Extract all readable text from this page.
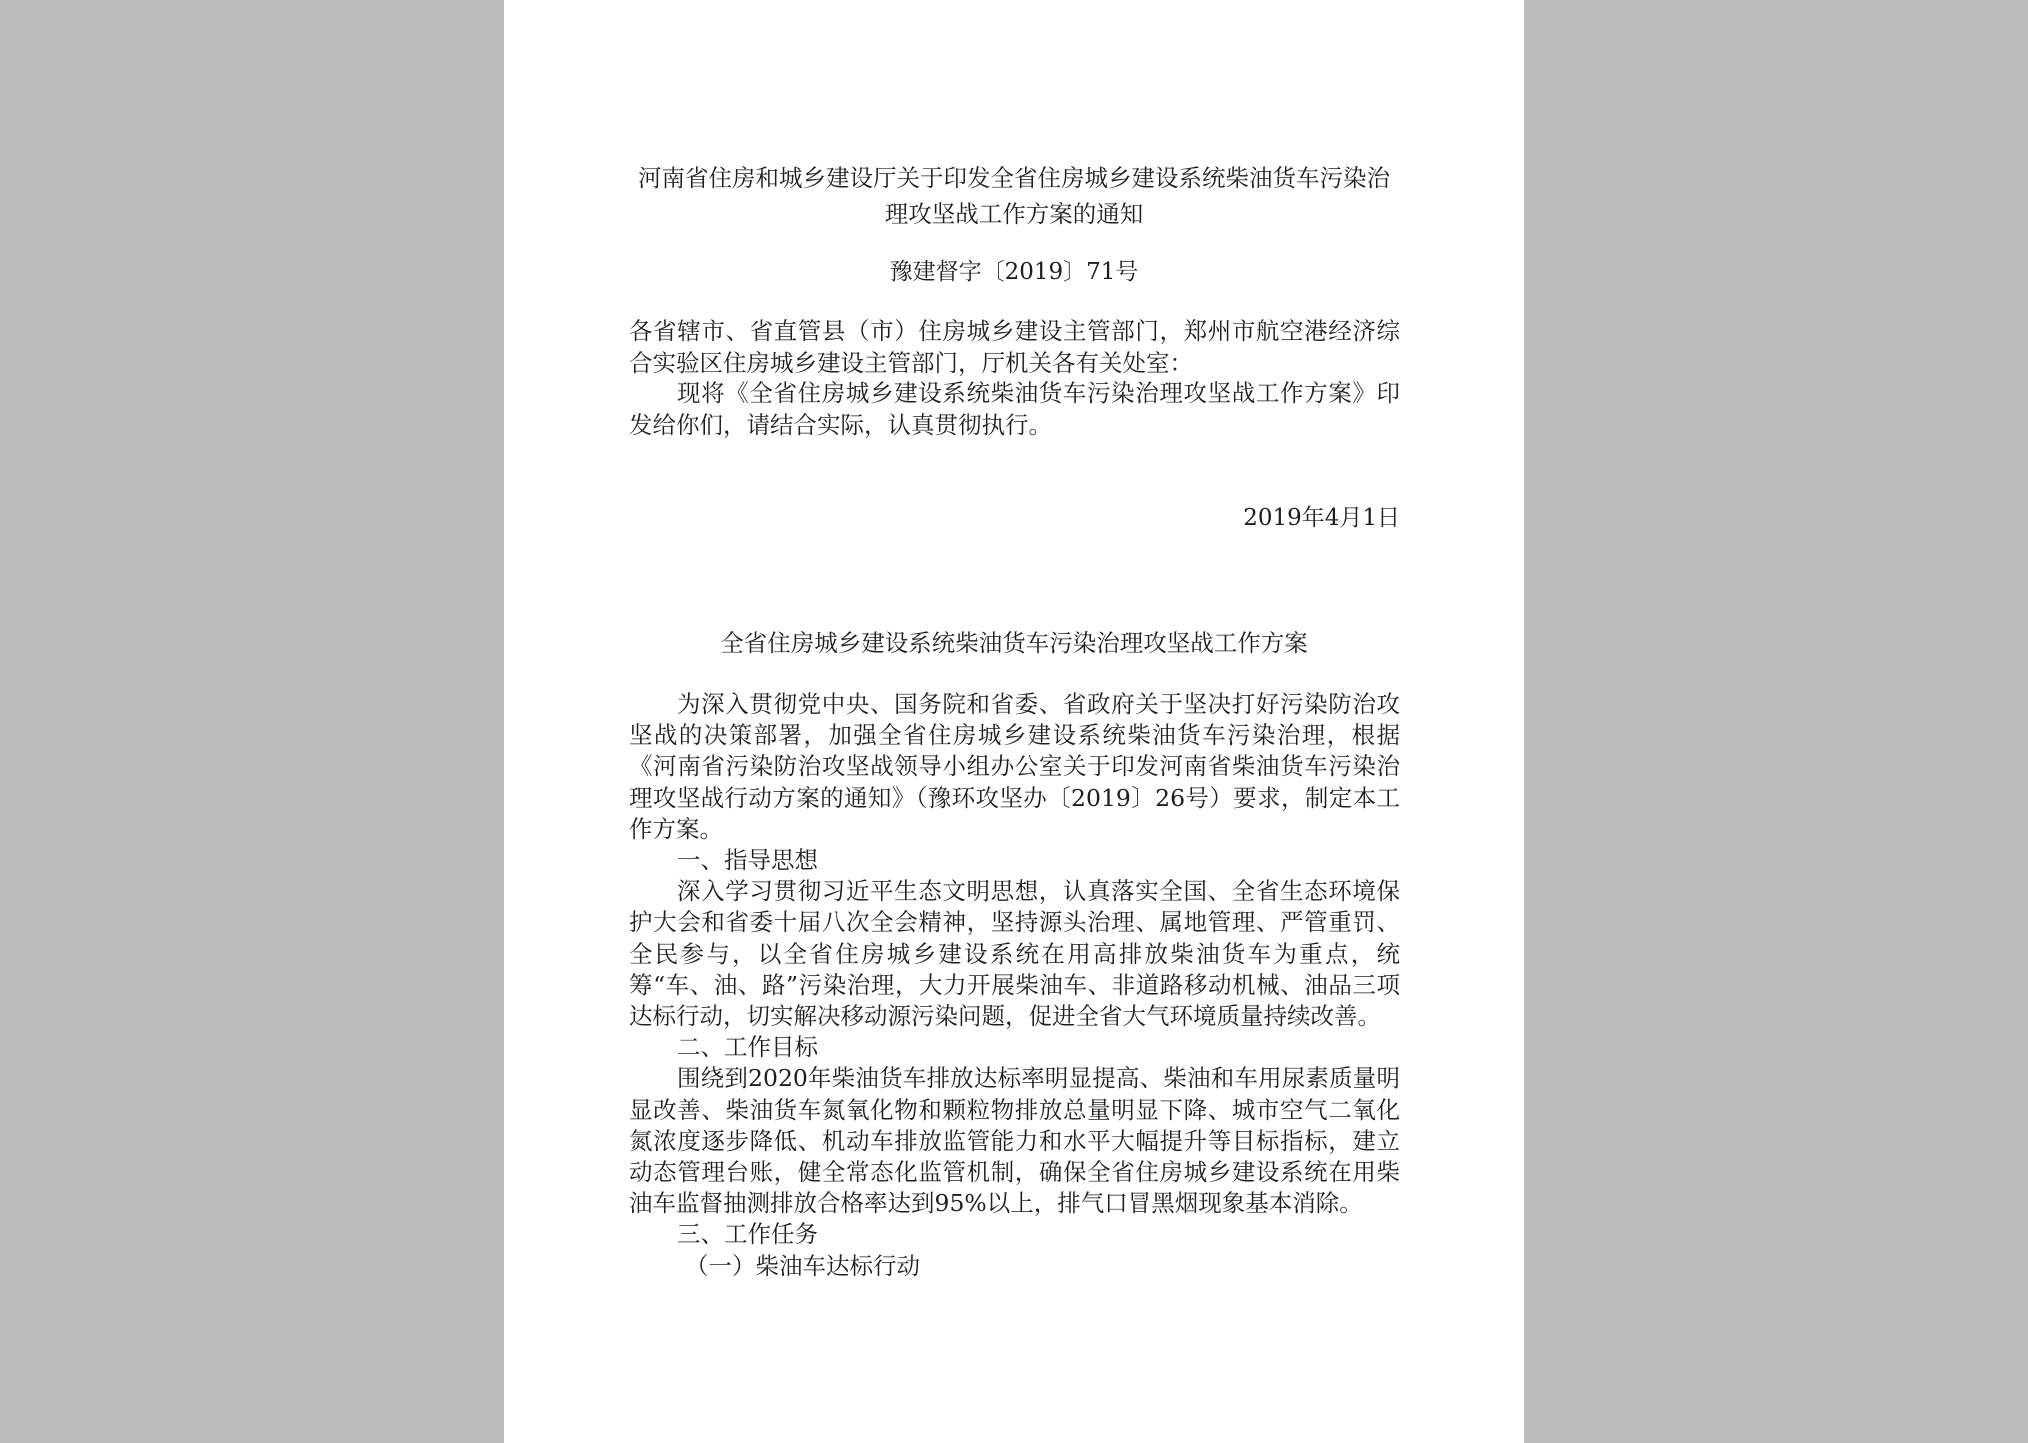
河南省住房和城乡建设厅关于印发全省住房城乡建设系统柴油货车污染治理攻坚战工作方案的通知
豫建督字〔2019〕71号

各省辖市、省直管县（市）住房城乡建设主管部门，郑州市航空港经济综合实验区住房城乡建设主管部门，厅机关各有关处室：

现将《全省住房城乡建设系统柴油货车污染治理攻坚战工作方案》印发给你们，请结合实际，认真贯彻执行。

2019年4月1日
全省住房城乡建设系统柴油货车污染治理攻坚战工作方案

为深入贯彻党中央、国务院和省委、省政府关于坚决打好污染防治攻坚战的决策部署，加强全省住房城乡建设系统柴油货车污染治理，根据《河南省污染防治攻坚战领导小组办公室关于印发河南省柴油货车污染治理攻坚战行动方案的通知》（豫环攻坚办〔2019〕26号）要求，制定本工作方案。

一、指导思想

深入学习贯彻习近平生态文明思想，认真落实全国、全省生态环境保护大会和省委十届八次全会精神，坚持源头治理、属地管理、严管重罚、全民参与，以全省住房城乡建设系统在用高排放柴油货车为重点，统筹“车、油、路”污染治理，大力开展柴油车、非道路移动机械、油品三项达标行动，切实解决移动源污染问题，促进全省大气环境质量持续改善。

二、工作目标

围绕到2020年柴油货车排放达标率明显提高、柴油和车用尿素质量明显改善、柴油货车氮氧化物和颗粒物排放总量明显下降、城市空气二氧化氮浓度逐步降低、机动车排放监管能力和水平大幅提升等目标指标，建立动态管理台账，健全常态化监管机制，确保全省住房城乡建设系统在用柴油车监督抽测排放合格率达到95%以上，排气口冒黑烟现象基本消除。

三、工作任务

（一）柴油车达标行动
